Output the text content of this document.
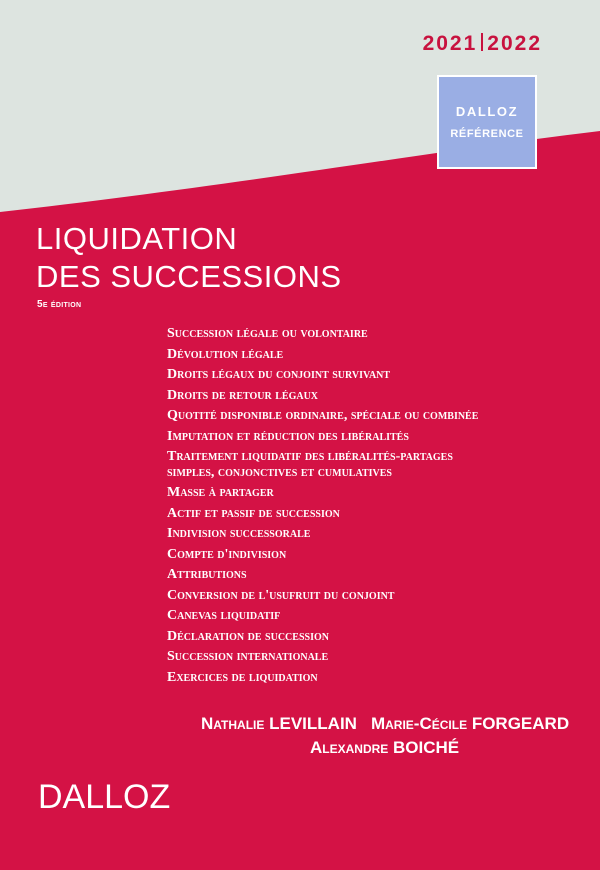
2021 2022
DALLOZ
RÉFÉRENCE
LIQUIDATION
DES SUCCESSIONS
5e édition
Succession légale ou volontaire
Dévolution légale
Droits légaux du conjoint survivant
Droits de retour légaux
Quotité disponible ordinaire, spéciale ou combinée
Imputation et réduction des libéralités
Traitement liquidatif des libéralités-partages
simples, conjonctives et cumulatives
Masse à partager
Actif et passif de succession
Indivision successorale
Compte d'indivision
Attributions
Conversion de l'usufruit du conjoint
Canevas liquidatif
Déclaration de succession
Succession internationale
Exercices de liquidation
Nathalie LEVILLAIN Marie-Cécile FORGEARD
Alexandre BOICHÉ
DALLOZ
